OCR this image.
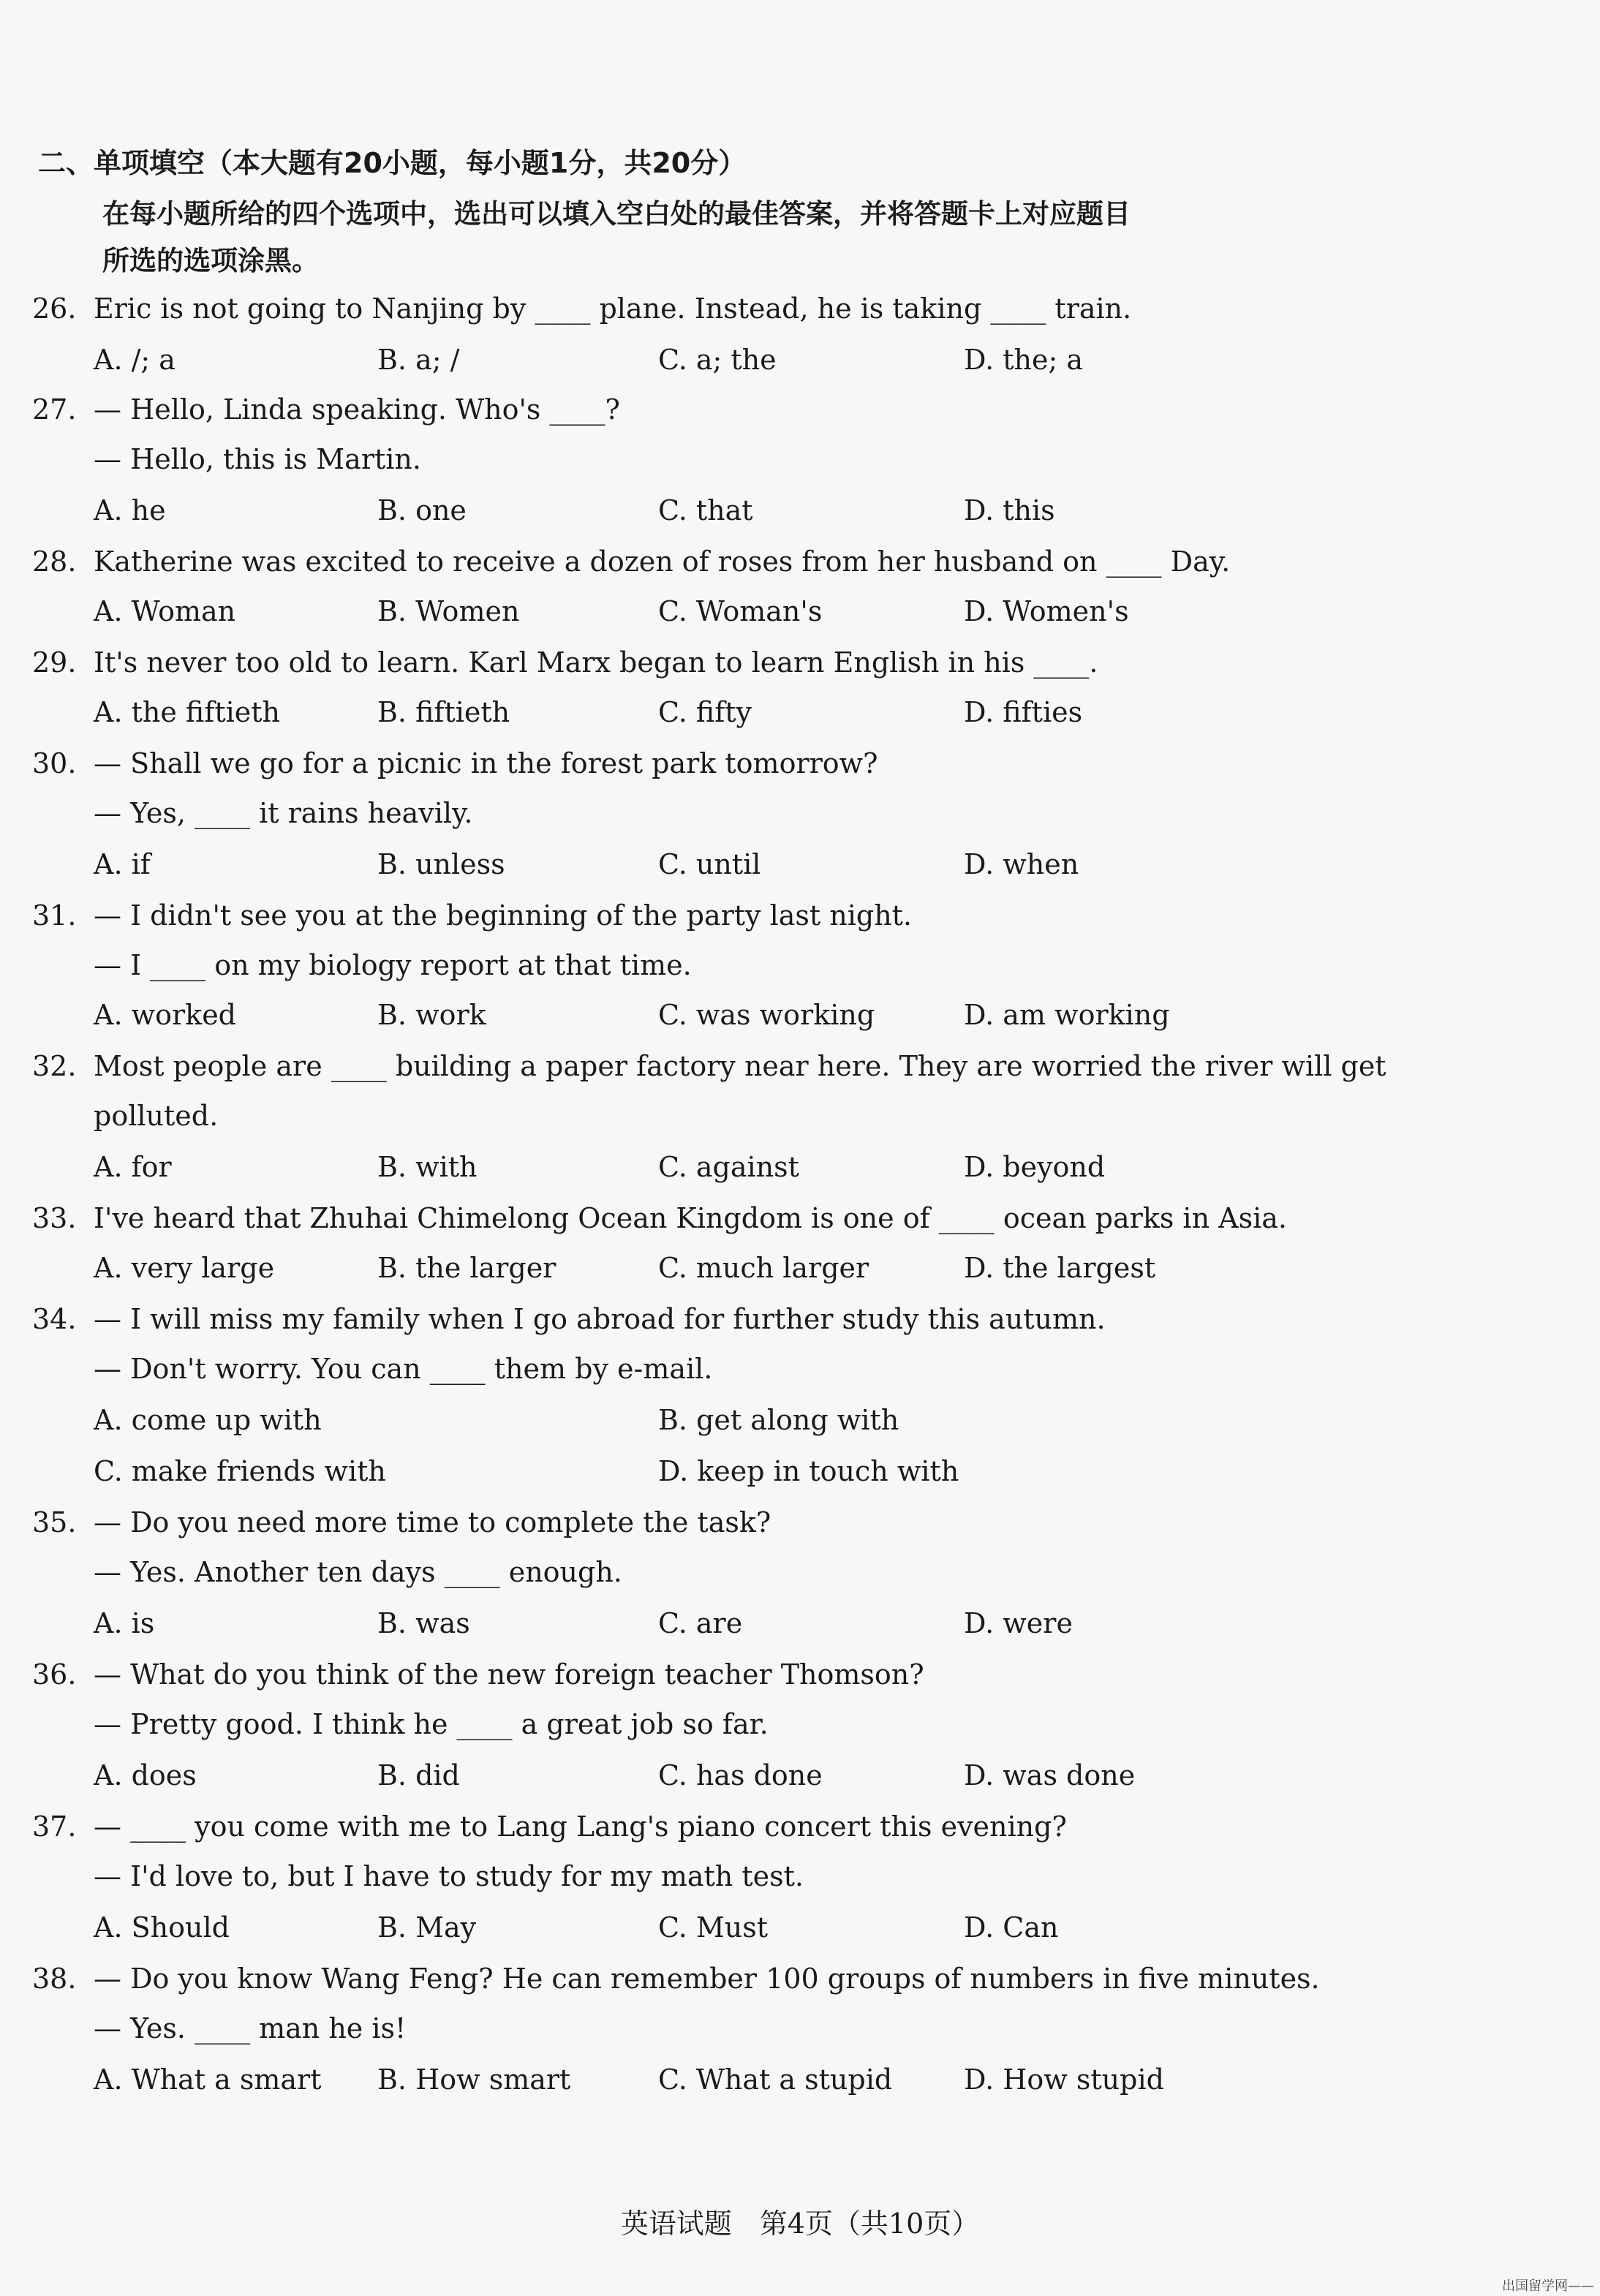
二、单项填空（本大题有20小题，每小题1分，共20分）
在每小题所给的四个选项中，选出可以填入空白处的最佳答案，并将答题卡上对应题目
所选的选项涂黑。
26. Eric is not going to Nanjing by ____ plane. Instead, he is taking ____ train.
A. /; a	B. a; /	C. a; the	D. the; a
27. — Hello, Linda speaking. Who's ____?
— Hello, this is Martin.
A. he	B. one	C. that	D. this
28. Katherine was excited to receive a dozen of roses from her husband on ____ Day.
A. Woman	B. Women	C. Woman's	D. Women's
29. It's never too old to learn. Karl Marx began to learn English in his ____.
A. the fiftieth	B. fiftieth	C. fifty	D. fifties
30. — Shall we go for a picnic in the forest park tomorrow?
— Yes, ____ it rains heavily.
A. if	B. unless	C. until	D. when
31. — I didn't see you at the beginning of the party last night.
— I ____ on my biology report at that time.
A. worked	B. work	C. was working	D. am working
32. Most people are ____ building a paper factory near here. They are worried the river will get
polluted.
A. for	B. with	C. against	D. beyond
33. I've heard that Zhuhai Chimelong Ocean Kingdom is one of ____ ocean parks in Asia.
A. very large	B. the larger	C. much larger	D. the largest
34. — I will miss my family when I go abroad for further study this autumn.
— Don't worry. You can ____ them by e-mail.
A. come up with	B. get along with
C. make friends with	D. keep in touch with
35. — Do you need more time to complete the task?
— Yes. Another ten days ____ enough.
A. is	B. was	C. are	D. were
36. — What do you think of the new foreign teacher Thomson?
— Pretty good. I think he ____ a great job so far.
A. does	B. did	C. has done	D. was done
37. — ____ you come with me to Lang Lang's piano concert this evening?
— I'd love to, but I have to study for my math test.
A. Should	B. May	C. Must	D. Can
38. — Do you know Wang Feng? He can remember 100 groups of numbers in five minutes.
— Yes. ____ man he is!
A. What a smart B. How smart	C. What a stupid	D. How stupid
英语试题　第4页（共10页）
出国留学网——
